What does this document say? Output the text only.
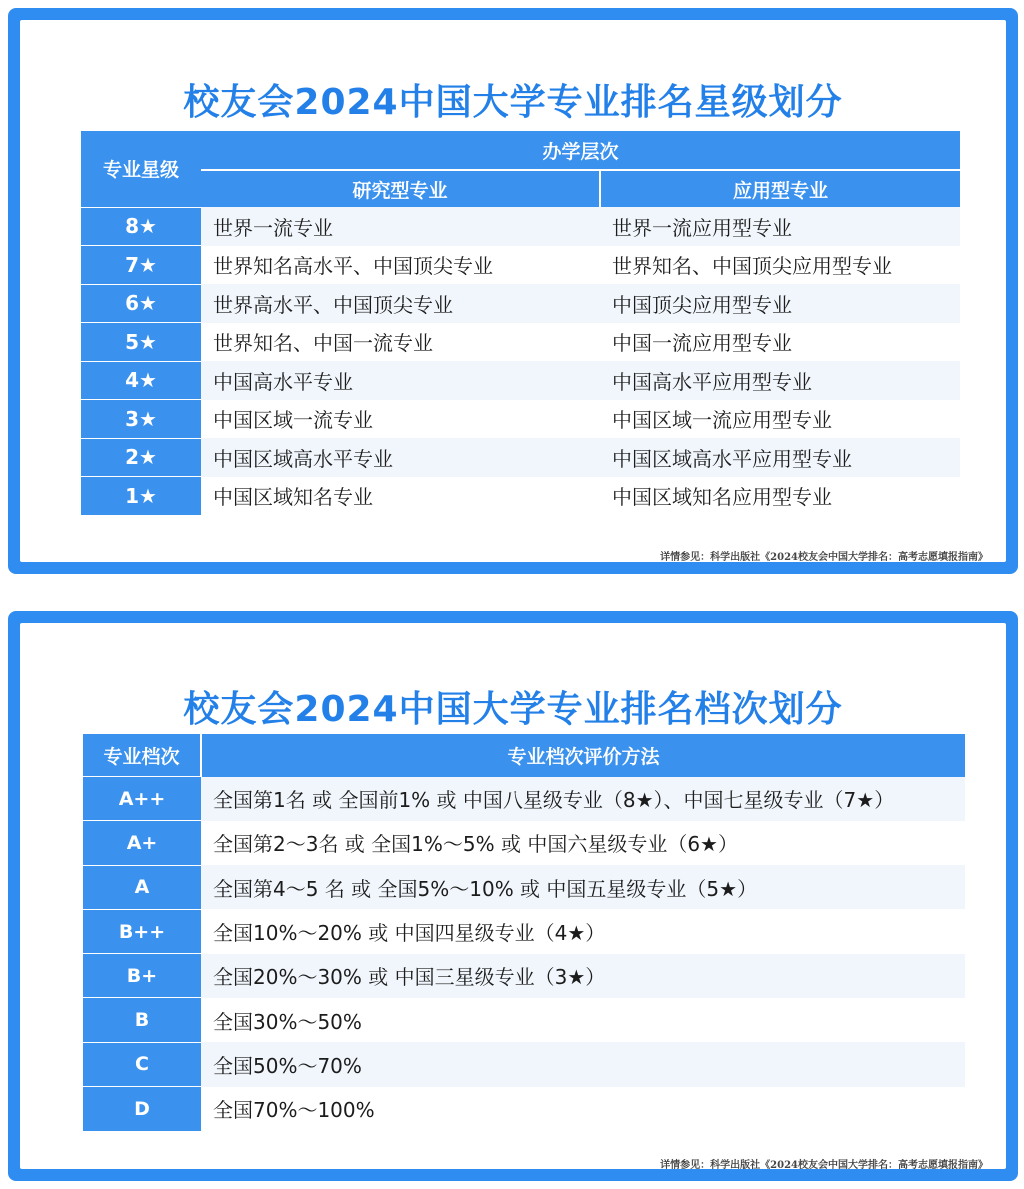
校友会2024中国大学专业排名星级划分
专业星级	办学层次	
	研究型专业	应用型专业
8★	世界一流专业	世界一流应用型专业
7★	世界知名高水平、中国顶尖专业	世界知名、中国顶尖应用型专业
6★	世界高水平、中国顶尖专业	中国顶尖应用型专业
5★	世界知名、中国一流专业	中国一流应用型专业
4★	中国高水平专业	中国高水平应用型专业
3★	中国区域一流专业	中国区域一流应用型专业
2★	中国区域高水平专业	中国区域高水平应用型专业
1★	中国区域知名专业	中国区域知名应用型专业
详情参见：科学出版社《2024校友会中国大学排名：高考志愿填报指南》
校友会2024中国大学专业排名档次划分
专业档次	专业档次评价方法
A++	全国第1名 或 全国前1% 或 中国八星级专业（8★）、中国七星级专业（7★）
A+	全国第2～3名 或 全国1%～5% 或 中国六星级专业（6★）
A	全国第4～5 名 或 全国5%～10% 或 中国五星级专业（5★）
B++	全国10%～20% 或 中国四星级专业（4★）
B+	全国20%～30% 或 中国三星级专业（3★）
B	全国30%～50%
C	全国50%～70%
D	全国70%～100%
详情参见：科学出版社《2024校友会中国大学排名：高考志愿填报指南》
